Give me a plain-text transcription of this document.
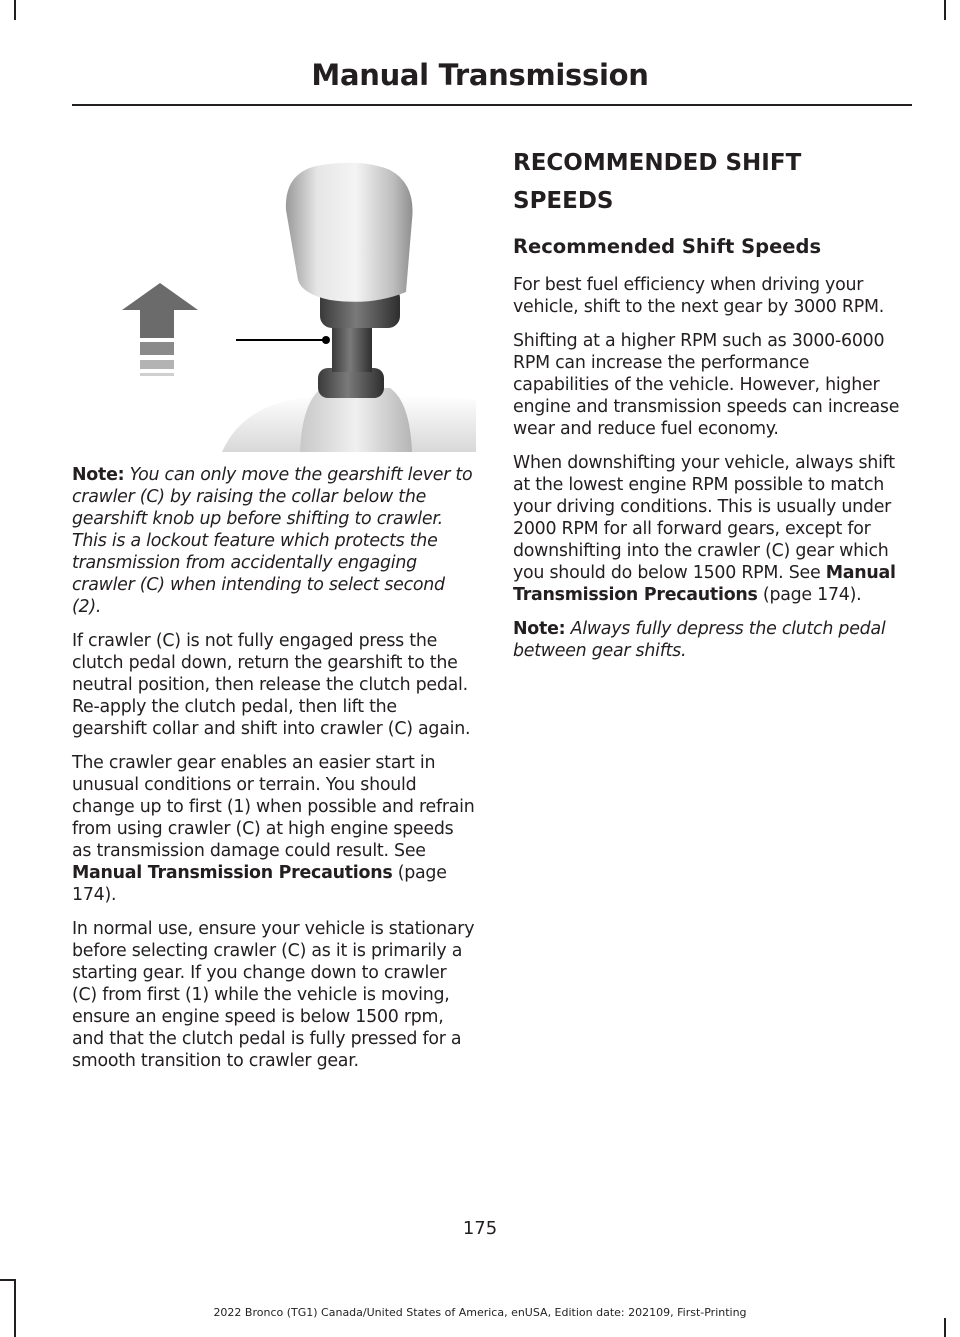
Manual Transmission

Note: You can only move the gearshift lever to crawler (C) by raising the collar below the gearshift knob up before shifting to crawler. This is a lockout feature which protects the transmission from accidentally engaging crawler (C) when intending to select second (2).

If crawler (C) is not fully engaged press the clutch pedal down, return the gearshift to the neutral position, then release the clutch pedal. Re-apply the clutch pedal, then lift the gearshift collar and shift into crawler (C) again.

The crawler gear enables an easier start in unusual conditions or terrain. You should change up to first (1) when possible and refrain from using crawler (C) at high engine speeds as transmission damage could result. See Manual Transmission Precautions (page 174).

In normal use, ensure your vehicle is stationary before selecting crawler (C) as it is primarily a starting gear. If you change down to crawler (C) from first (1) while the vehicle is moving, ensure an engine speed is below 1500 rpm, and that the clutch pedal is fully pressed for a smooth transition to crawler gear.

RECOMMENDED SHIFT SPEEDS
Recommended Shift Speeds

For best fuel efficiency when driving your vehicle, shift to the next gear by 3000 RPM.

Shifting at a higher RPM such as 3000-6000 RPM can increase the performance capabilities of the vehicle. However, higher engine and transmission speeds can increase wear and reduce fuel economy.

When downshifting your vehicle, always shift at the lowest engine RPM possible to match your driving conditions. This is usually under 2000 RPM for all forward gears, except for downshifting into the crawler (C) gear which you should do below 1500 RPM. See Manual Transmission Precautions (page 174).

Note: Always fully depress the clutch pedal between gear shifts.

175
2022 Bronco (TG1) Canada/United States of America, enUSA, Edition date: 202109, First-Printing
